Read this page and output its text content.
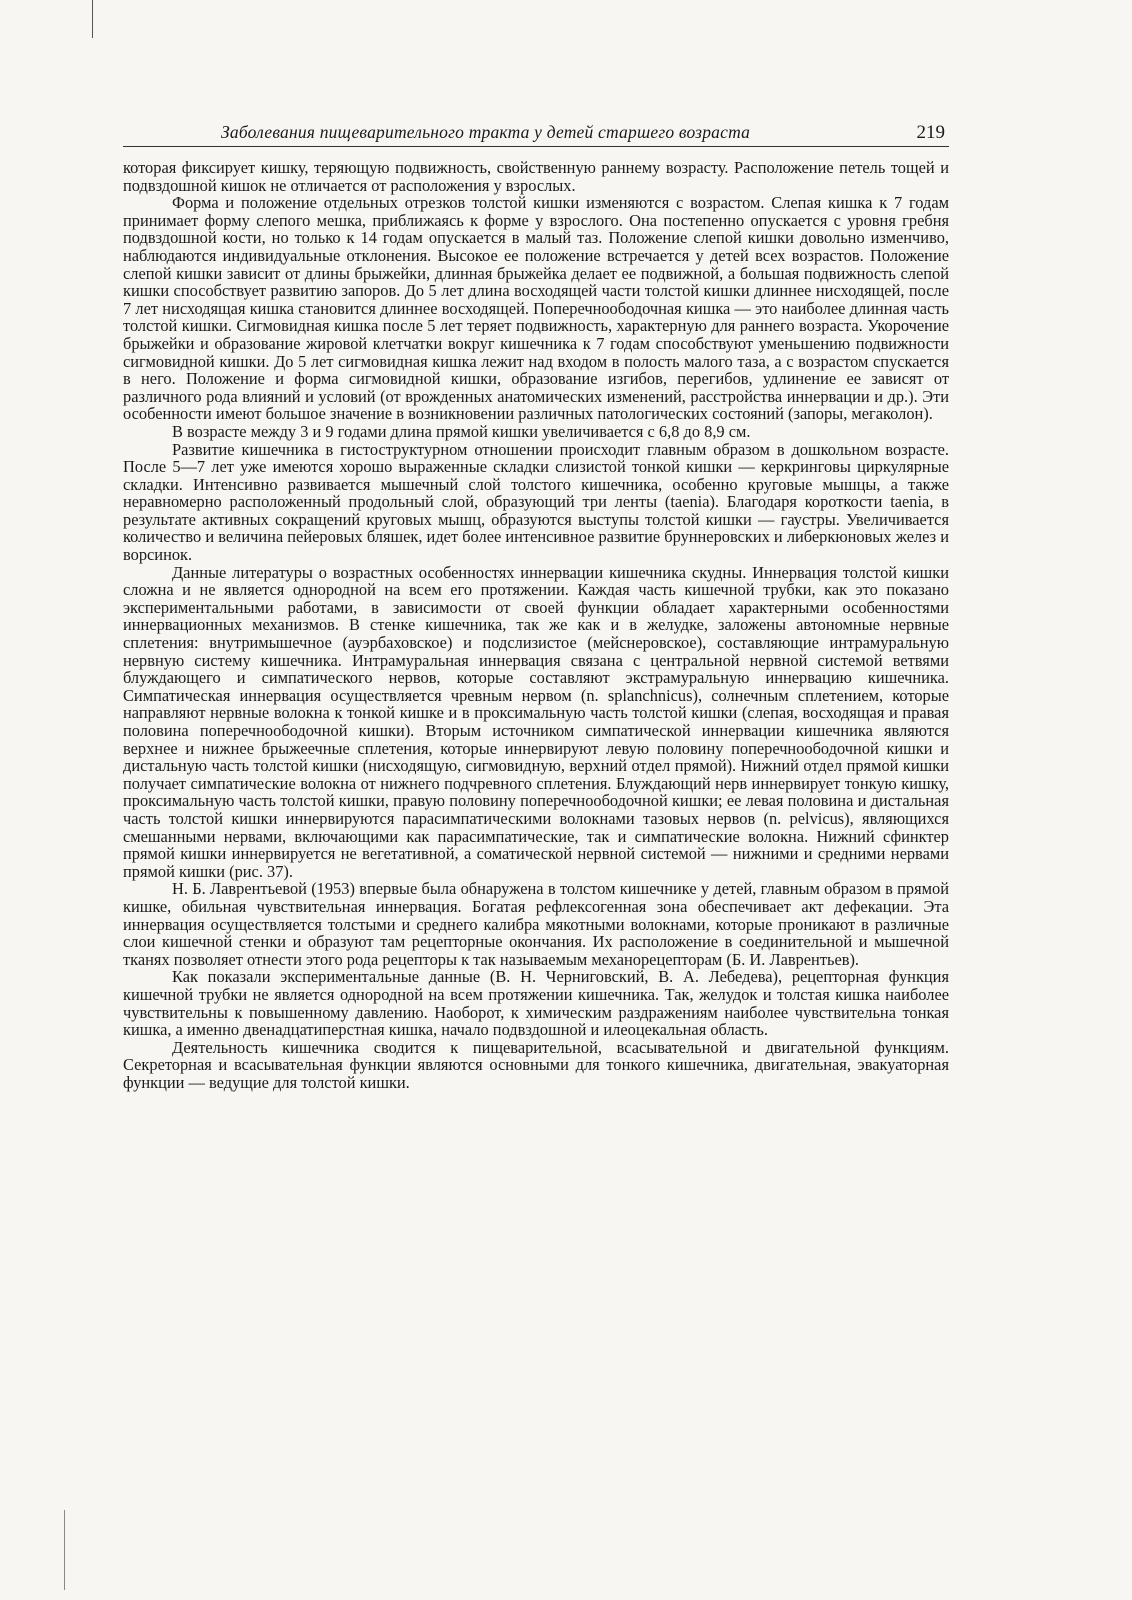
Заболевания пищеварительного тракта у детей старшего возраста	219

которая фиксирует кишку, теряющую подвижность, свойственную раннему возрасту. Расположение петель тощей и подвздошной кишок не отличается от расположения у взрослых.

Форма и положение отдельных отрезков толстой кишки изменяются с возрастом. Слепая кишка к 7 годам принимает форму слепого мешка, приближаясь к форме у взрослого. Она постепенно опускается с уровня гребня подвздошной кости, но только к 14 годам опускается в малый таз. Положение слепой кишки довольно изменчиво, наблюдаются индивидуальные отклонения. Высокое ее положение встречается у детей всех возрастов. Положение слепой кишки зависит от длины брыжейки, длинная брыжейка делает ее подвижной, а большая подвижность слепой кишки способствует развитию запоров. До 5 лет длина восходящей части толстой кишки длиннее нисходящей, после 7 лет нисходящая кишка становится длиннее восходящей. Поперечноободочная кишка — это наиболее длинная часть толстой кишки. Сигмовидная кишка после 5 лет теряет подвижность, характерную для раннего возраста. Укорочение брыжейки и образование жировой клетчатки вокруг кишечника к 7 годам способствуют уменьшению подвижности сигмовидной кишки. До 5 лет сигмовидная кишка лежит над входом в полость малого таза, а с возрастом спускается в него. Положение и форма сигмовидной кишки, образование изгибов, перегибов, удлинение ее зависят от различного рода влияний и условий (от врожденных анатомических изменений, расстройства иннервации и др.). Эти особенности имеют большое значение в возникновении различных патологических состояний (запоры, мегаколон).

В возрасте между 3 и 9 годами длина прямой кишки увеличивается с 6,8 до 8,9 см.

Развитие кишечника в гистоструктурном отношении происходит главным образом в дошкольном возрасте. После 5—7 лет уже имеются хорошо выраженные складки слизистой тонкой кишки — керкринговы циркулярные складки. Интенсивно развивается мышечный слой толстого кишечника, особенно круговые мышцы, а также неравномерно расположенный продольный слой, образующий три ленты (taenia). Благодаря короткости taenia, в результате активных сокращений круговых мышц, образуются выступы толстой кишки — гаустры. Увеличивается количество и величина пейеровых бляшек, идет более интенсивное развитие бруннеровских и либеркюновых желез и ворсинок.

Данные литературы о возрастных особенностях иннервации кишечника скудны. Иннервация толстой кишки сложна и не является однородной на всем его протяжении. Каждая часть кишечной трубки, как это показано экспериментальными работами, в зависимости от своей функции обладает характерными особенностями иннервационных механизмов. В стенке кишечника, так же как и в желудке, заложены автономные нервные сплетения: внутримышечное (ауэрбаховское) и подслизистое (мейснеровское), составляющие интрамуральную нервную систему кишечника. Интрамуральная иннервация связана с центральной нервной системой ветвями блуждающего и симпатического нервов, которые составляют экстрамуральную иннервацию кишечника. Симпатическая иннервация осуществляется чревным нервом (n. splanchnicus), солнечным сплетением, которые направляют нервные волокна к тонкой кишке и в проксимальную часть толстой кишки (слепая, восходящая и правая половина поперечноободочной кишки). Вторым источником симпатической иннервации кишечника являются верхнее и нижнее брыжеечные сплетения, которые иннервируют левую половину поперечноободочной кишки и дистальную часть толстой кишки (нисходящую, сигмовидную, верхний отдел прямой). Нижний отдел прямой кишки получает симпатические волокна от нижнего подчревного сплетения. Блуждающий нерв иннервирует тонкую кишку, проксимальную часть толстой кишки, правую половину поперечноободочной кишки; ее левая половина и дистальная часть толстой кишки иннервируются парасимпатическими волокнами тазовых нервов (n. pelvicus), являющихся смешанными нервами, включающими как парасимпатические, так и симпатические волокна. Нижний сфинктер прямой кишки иннервируется не вегетативной, а соматической нервной системой — нижними и средними нервами прямой кишки (рис. 37).

Н. Б. Лаврентьевой (1953) впервые была обнаружена в толстом кишечнике у детей, главным образом в прямой кишке, обильная чувствительная иннервация. Богатая рефлексогенная зона обеспечивает акт дефекации. Эта иннервация осуществляется толстыми и среднего калибра мякотными волокнами, которые проникают в различные слои кишечной стенки и образуют там рецепторные окончания. Их расположение в соединительной и мышечной тканях позволяет отнести этого рода рецепторы к так называемым механорецепторам (Б. И. Лаврентьев).

Как показали экспериментальные данные (В. Н. Черниговский, В. А. Лебедева), рецепторная функция кишечной трубки не является однородной на всем протяжении кишечника. Так, желудок и толстая кишка наиболее чувствительны к повышенному давлению. Наоборот, к химическим раздражениям наиболее чувствительна тонкая кишка, а именно двенадцатиперстная кишка, начало подвздошной и илеоцекальная область.

Деятельность кишечника сводится к пищеварительной, всасывательной и двигательной функциям. Секреторная и всасывательная функции являются основными для тонкого кишечника, двигательная, эвакуаторная функции — ведущие для толстой кишки.
